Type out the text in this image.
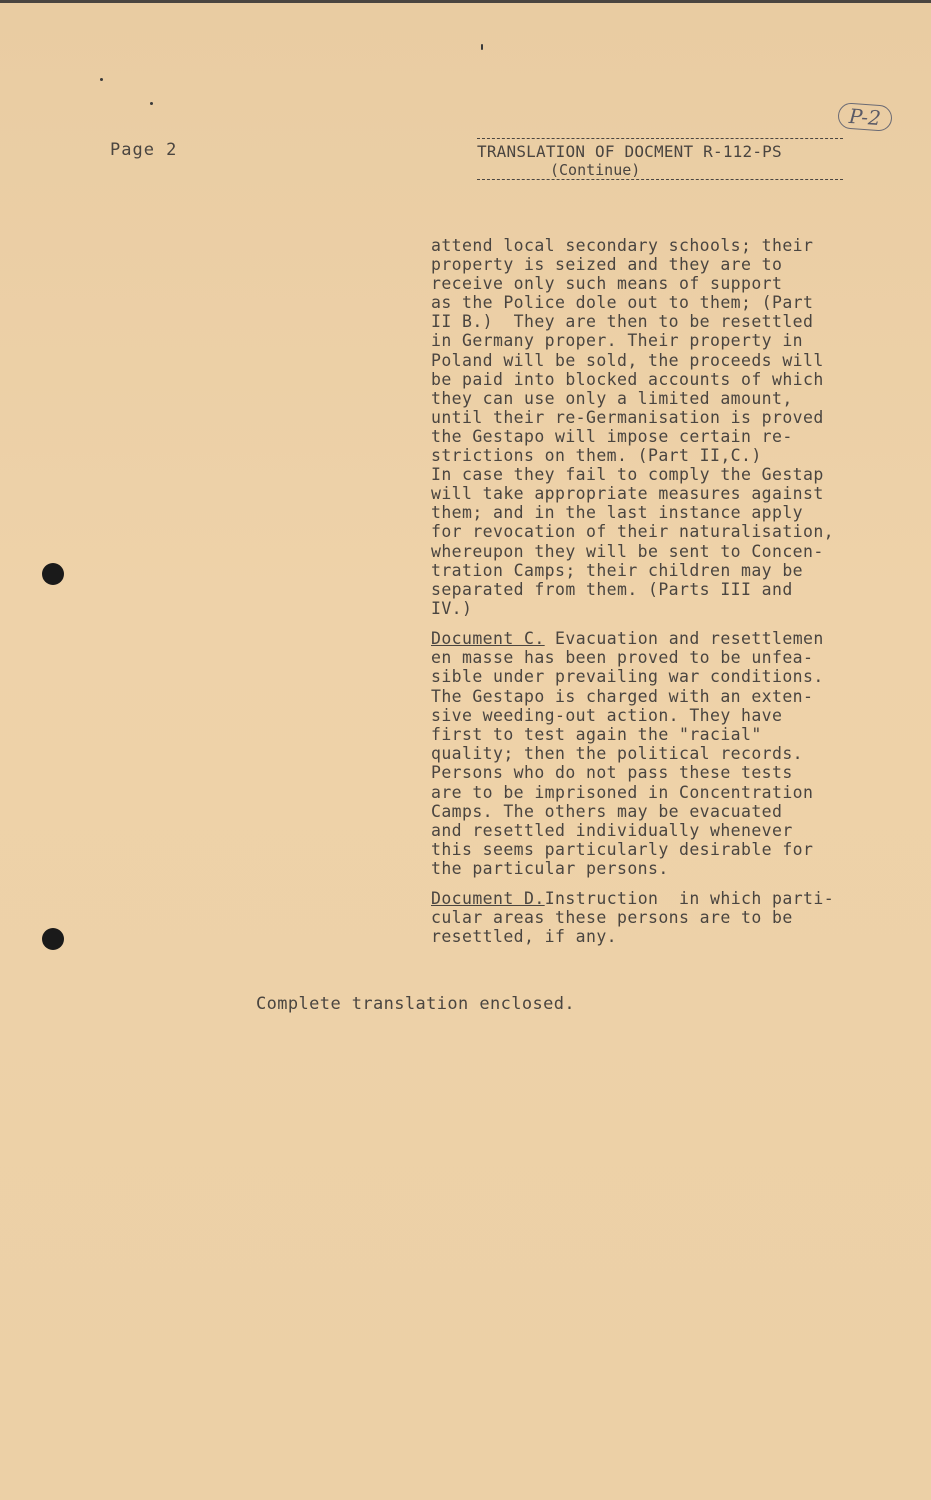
Page 2
P-2
TRANSLATION OF DOCMENT R-112-PS
(Continue)
attend local secondary schools; their
property is seized and they are to
receive only such means of support
as the Police dole out to them; (Part
II B.)  They are then to be resettled
in Germany proper. Their property in
Poland will be sold, the proceeds will
be paid into blocked accounts of which
they can use only a limited amount,
until their re-Germanisation is proved
the Gestapo will impose certain re-
strictions on them. (Part II,C.)
In case they fail to comply the Gestap
will take appropriate measures against
them; and in the last instance apply
for revocation of their naturalisation,
whereupon they will be sent to Concen-
tration Camps; their children may be
separated from them. (Parts III and
IV.)
Document C. Evacuation and resettlemen
en masse has been proved to be unfea-
sible under prevailing war conditions.
The Gestapo is charged with an exten-
sive weeding-out action. They have
first to test again the "racial"
quality; then the political records.
Persons who do not pass these tests
are to be imprisoned in Concentration
Camps. The others may be evacuated
and resettled individually whenever
this seems particularly desirable for
the particular persons.
Document D.Instruction  in which parti-
cular areas these persons are to be
resettled, if any.
Complete translation enclosed.
